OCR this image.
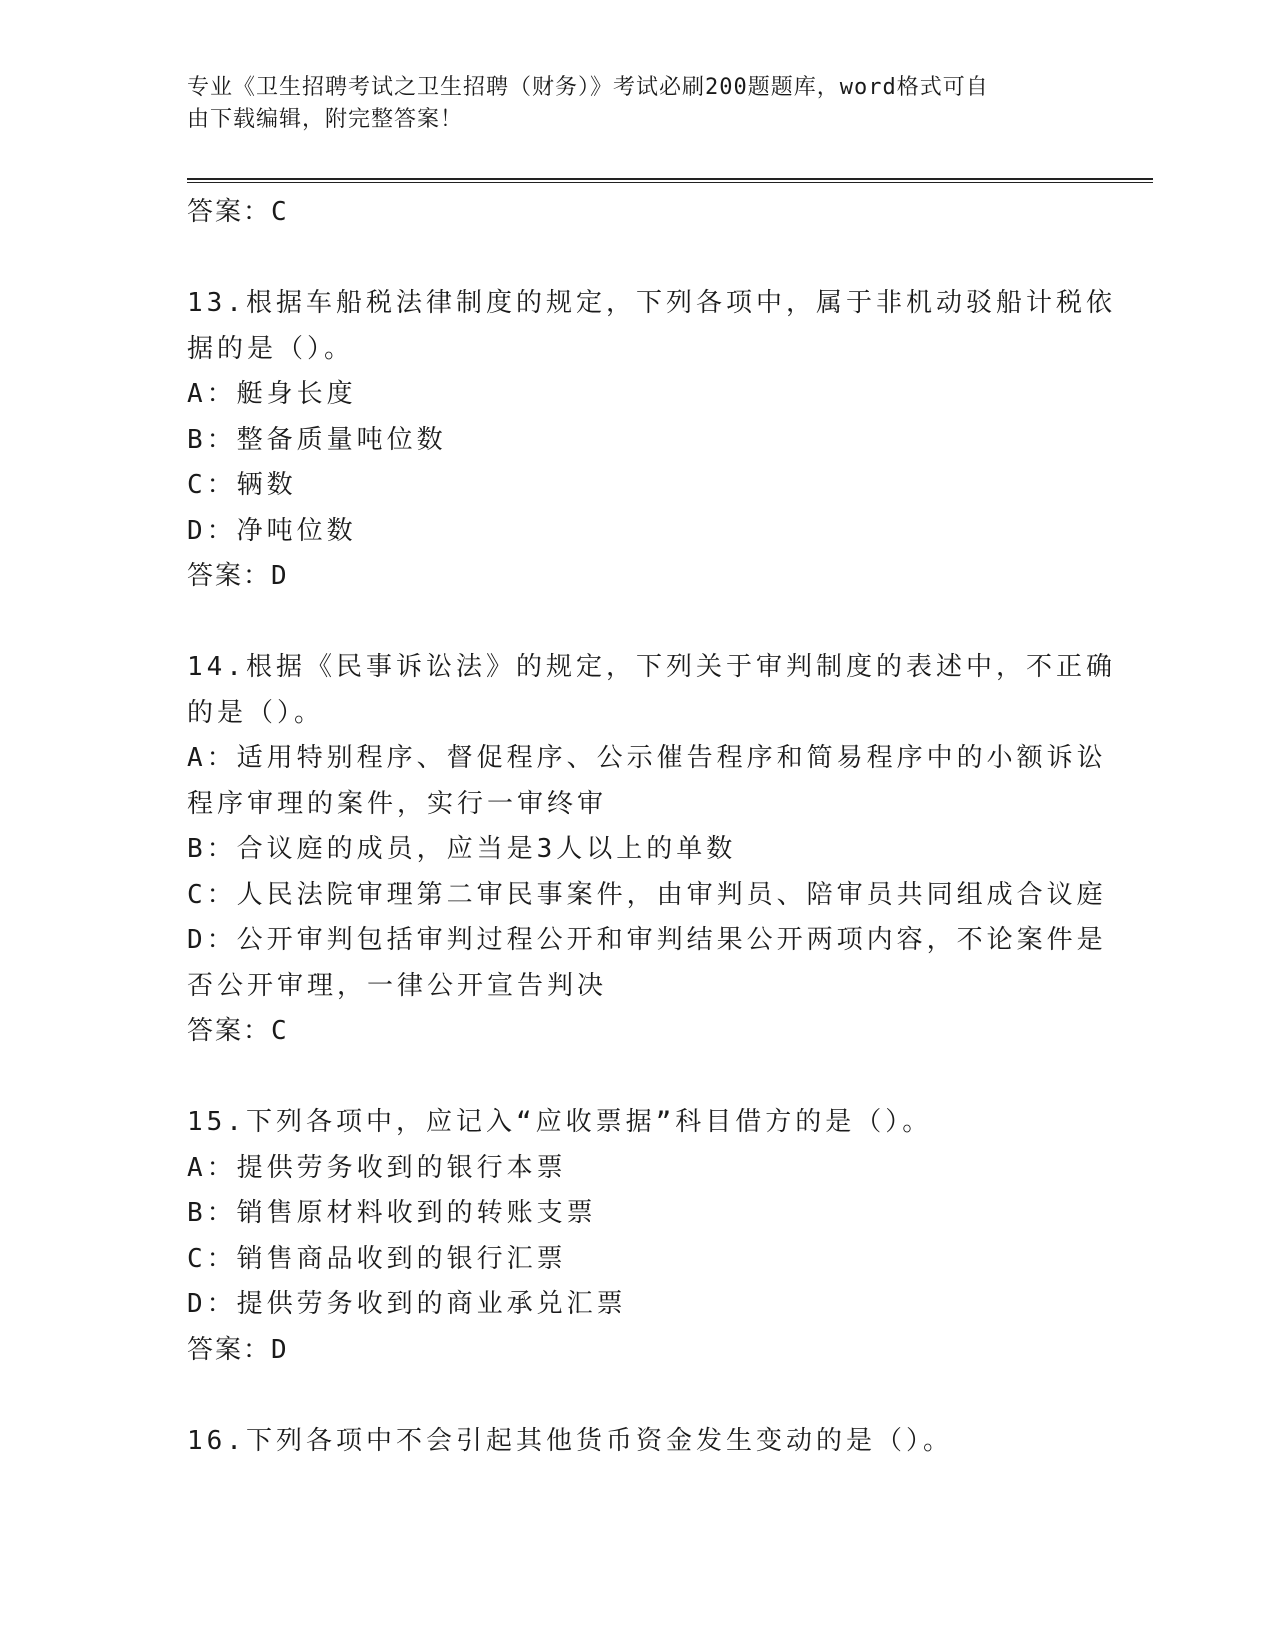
专业《卫生招聘考试之卫生招聘（财务）》考试必刷200题题库，word格式可自
由下载编辑，附完整答案！
答案：C
13.根据车船税法律制度的规定，下列各项中，属于非机动驳船计税依
据的是（）。
A：艇身长度
B：整备质量吨位数
C：辆数
D：净吨位数
答案：D
14.根据《民事诉讼法》的规定，下列关于审判制度的表述中，不正确
的是（）。
A：适用特别程序、督促程序、公示催告程序和简易程序中的小额诉讼
程序审理的案件，实行一审终审
B：合议庭的成员，应当是3人以上的单数
C：人民法院审理第二审民事案件，由审判员、陪审员共同组成合议庭
D：公开审判包括审判过程公开和审判结果公开两项内容，不论案件是
否公开审理，一律公开宣告判决
答案：C
15.下列各项中，应记入“应收票据”科目借方的是（）。
A：提供劳务收到的银行本票
B：销售原材料收到的转账支票
C：销售商品收到的银行汇票
D：提供劳务收到的商业承兑汇票
答案：D
16.下列各项中不会引起其他货币资金发生变动的是（）。
